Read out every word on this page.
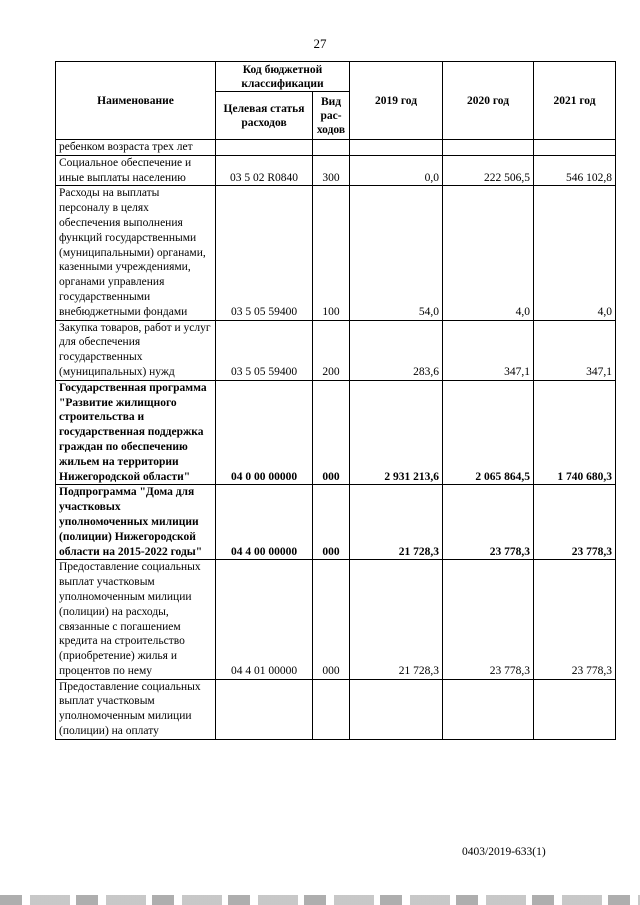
27
Наименование	Код бюджетной классификации		2019 год	2020 год	2021 год
	Целевая статья расходов	Вид рас-ходов			
ребенком возраста трех лет					
Социальное обеспечение и иные выплаты населению	03 5 02 R0840	300	0,0	222 506,5	546 102,8
Расходы на выплаты персоналу в целях обеспечения выполнения функций государственными (муниципальными) органами, казенными учреждениями, органами управления государственными внебюджетными фондами	03 5 05 59400	100	54,0	4,0	4,0
Закупка товаров, работ и услуг для обеспечения государственных (муниципальных) нужд	03 5 05 59400	200	283,6	347,1	347,1
Государственная программа "Развитие жилищного строительства и государственная поддержка граждан по обеспечению жильем на территории Нижегородской области"	04 0 00 00000	000	2 931 213,6	2 065 864,5	1 740 680,3
Подпрограмма "Дома для участковых уполномоченных милиции (полиции) Нижегородской области на 2015-2022 годы"	04 4 00 00000	000	21 728,3	23 778,3	23 778,3
Предоставление социальных выплат участковым уполномоченным милиции (полиции) на расходы, связанные с погашением кредита на строительство (приобретение) жилья и процентов по нему	04 4 01 00000	000	21 728,3	23 778,3	23 778,3
Предоставление социальных выплат участковым уполномоченным милиции (полиции) на оплату					
0403/2019-633(1)
